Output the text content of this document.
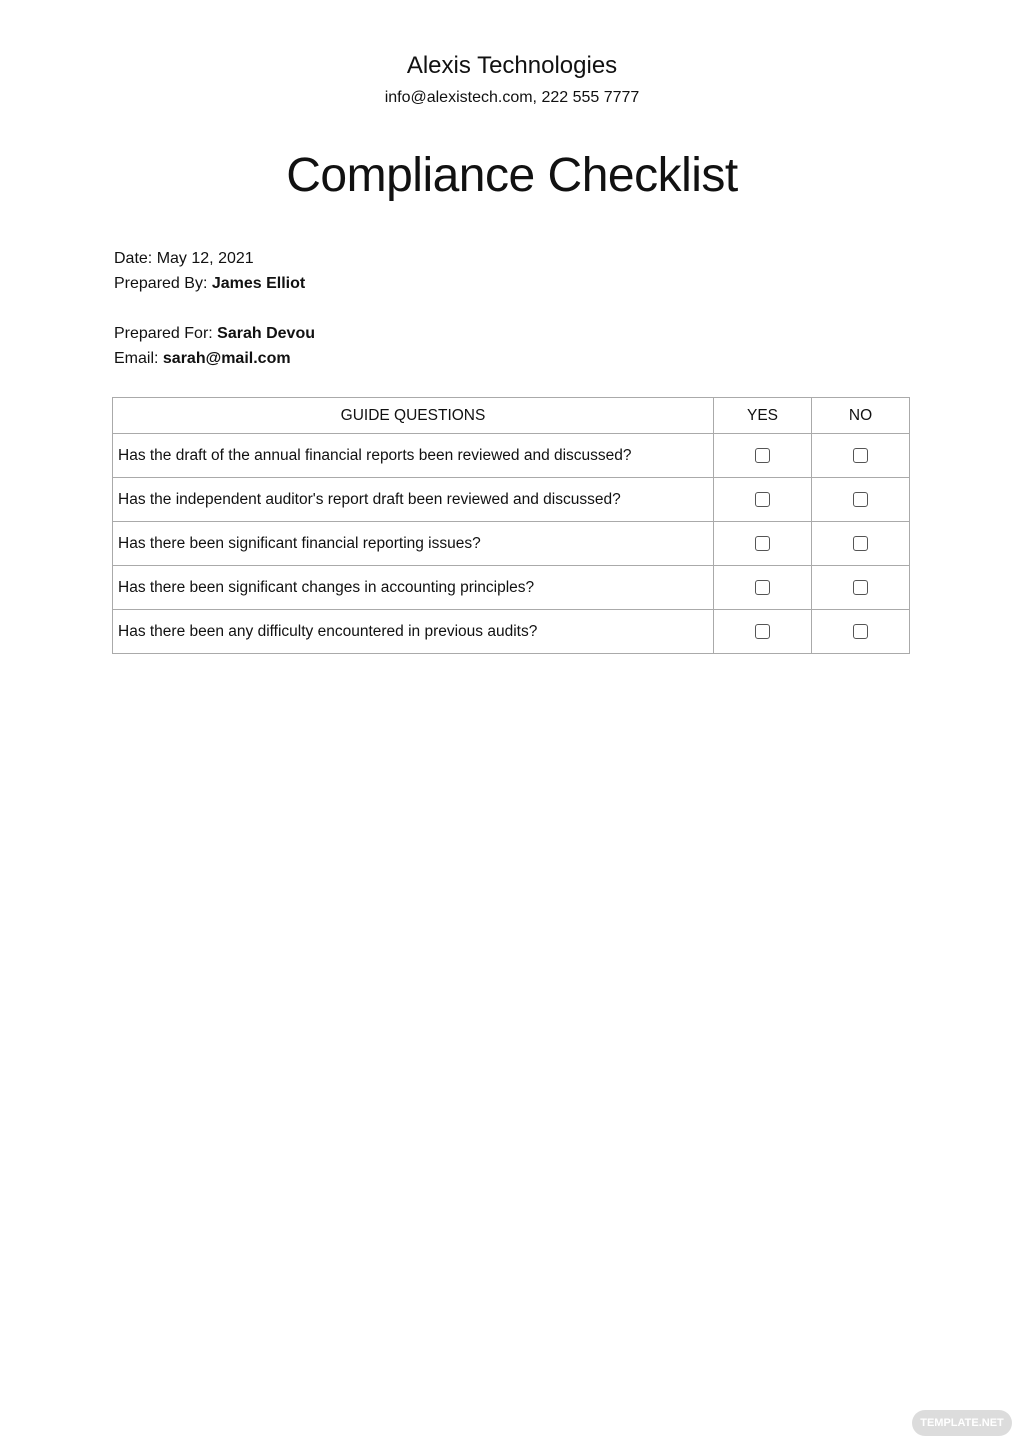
Alexis Technologies
info@alexistech.com, 222 555 7777
Compliance Checklist
Date: May 12, 2021
Prepared By: James Elliot
Prepared For: Sarah Devou
Email: sarah@mail.com
GUIDE QUESTIONS	YES	NO
Has the draft of the annual financial reports been reviewed and discussed?		
Has the independent auditor's report draft been reviewed and discussed?		
Has there been significant financial reporting issues?		
Has there been significant changes in accounting principles?		
Has there been any difficulty encountered in previous audits?		
TEMPLATE.NET
